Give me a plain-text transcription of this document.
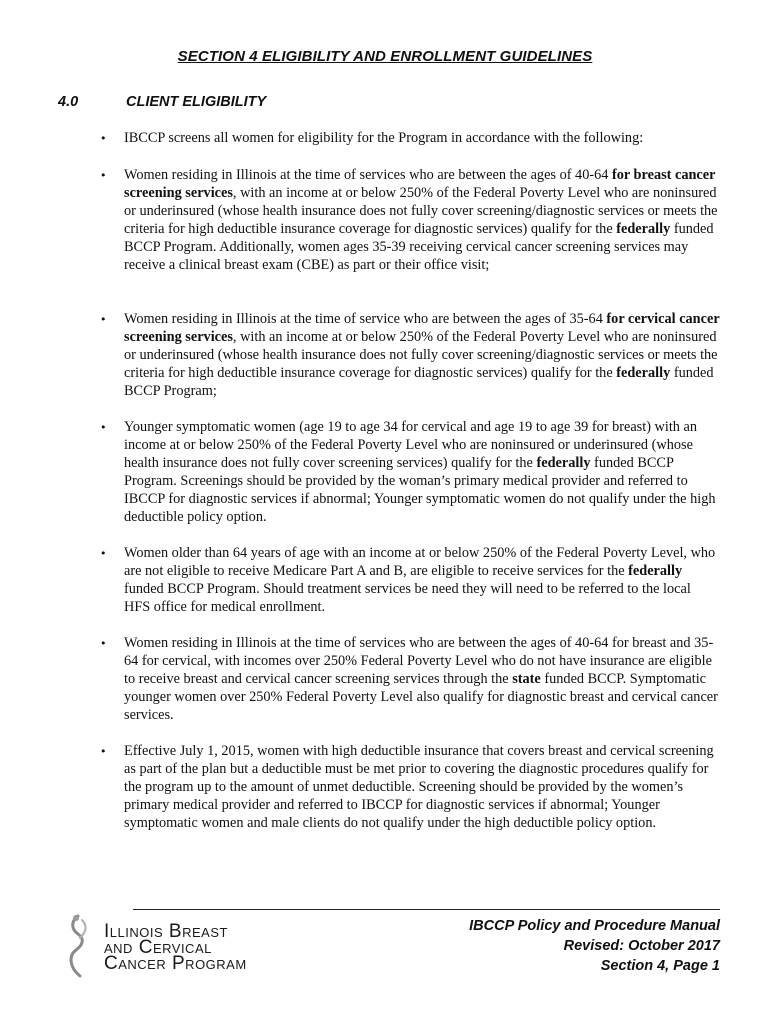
SECTION 4 ELIGIBILITY AND ENROLLMENT GUIDELINES
4.0	CLIENT ELIGIBILITY
• IBCCP screens all women for eligibility for the Program in accordance with the following:
• Women residing in Illinois at the time of services who are between the ages of 40-64 for breast cancer screening services, with an income at or below 250% of the Federal Poverty Level who are noninsured or underinsured (whose health insurance does not fully cover screening/diagnostic services or meets the criteria for high deductible insurance coverage for diagnostic services) qualify for the federally funded BCCP Program. Additionally, women ages 35-39 receiving cervical cancer screening services may receive a clinical breast exam (CBE) as part or their office visit;
• Women residing in Illinois at the time of service who are between the ages of 35-64 for cervical cancer screening services, with an income at or below 250% of the Federal Poverty Level who are noninsured or underinsured (whose health insurance does not fully cover screening/diagnostic services or meets the criteria for high deductible insurance coverage for diagnostic services) qualify for the federally funded BCCP Program;
• Younger symptomatic women (age 19 to age 34 for cervical and age 19 to age 39 for breast) with an income at or below 250% of the Federal Poverty Level who are noninsured or underinsured (whose health insurance does not fully cover screening services) qualify for the federally funded BCCP Program. Screenings should be provided by the woman’s primary medical provider and referred to IBCCP for diagnostic services if abnormal; Younger symptomatic women do not qualify under the high deductible policy option.
• Women older than 64 years of age with an income at or below 250% of the Federal Poverty Level, who are not eligible to receive Medicare Part A and B, are eligible to receive services for the federally funded BCCP Program. Should treatment services be need they will need to be referred to the local HFS office for medical enrollment.
• Women residing in Illinois at the time of services who are between the ages of 40-64 for breast and 35-64 for cervical, with incomes over 250% Federal Poverty Level who do not have insurance are eligible to receive breast and cervical cancer screening services through the state funded BCCP. Symptomatic younger women over 250% Federal Poverty Level also qualify for diagnostic breast and cervical cancer services.
• Effective July 1, 2015, women with high deductible insurance that covers breast and cervical screening as part of the plan but a deductible must be met prior to covering the diagnostic procedures qualify for the program up to the amount of unmet deductible. Screening should be provided by the women’s primary medical provider and referred to IBCCP for diagnostic services if abnormal; Younger symptomatic women and male clients do not qualify under the high deductible policy option.
Illinois Breast
and Cervical
Cancer Program
IBCCP Policy and Procedure Manual
Revised: October 2017
Section 4, Page 1
